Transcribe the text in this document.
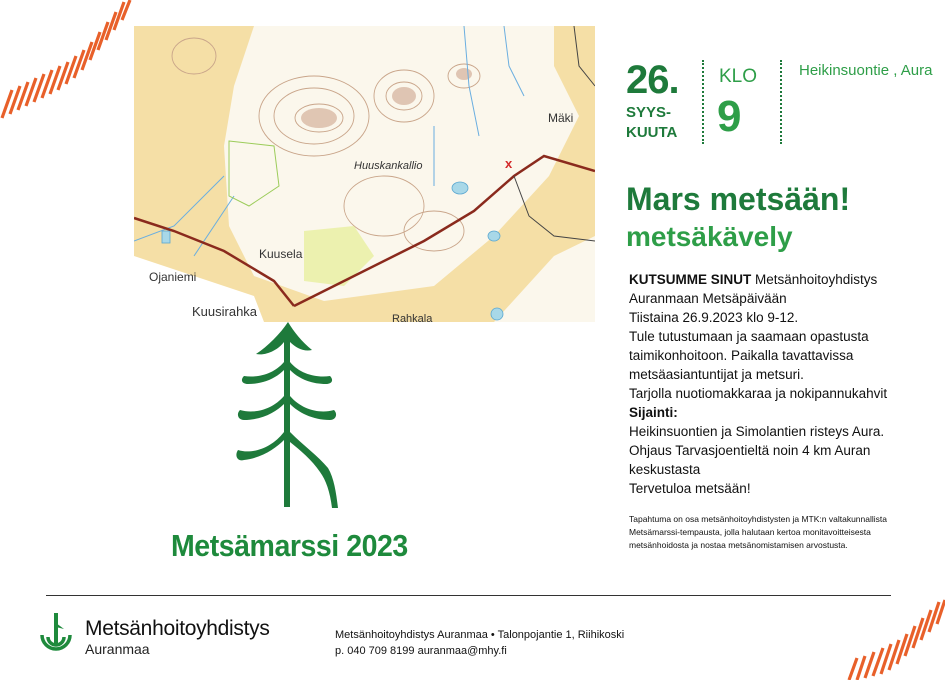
Mäki
Huuskankallio
Kuusela
Ojaniemi
Kuusirahka	Rahkala
x
26.
SYYS-
KUUTA
KLO
9
Heikinsuontie , Aura
Mars metsään!
metsäkävely

KUTSUMME SINUT Metsänhoitoyhdistys Auranmaan Metsäpäivään

Tiistaina 26.9.2023 klo 9-12.

Tule tutustumaan ja saamaan opastusta taimikonhoitoon. Paikalla tavattavissa metsäasiantuntijat ja metsuri.

Tarjolla nuotiomakkaraa ja nokipannukahvit

Sijainti:

Heikinsuontien ja Simolantien risteys Aura.

Ohjaus Tarvasjoentieltä noin 4 km Auran keskustasta

Tervetuloa metsään!

Tapahtuma on osa metsänhoitoyhdistysten ja MTK:n valtakunnallista Metsämarssi-tempausta, jolla halutaan kertoa monitavoitteisesta metsänhoidosta ja nostaa metsänomistamisen arvostusta.
Metsämarssi 2023
Metsänhoitoyhdistys
Auranmaa
Metsänhoitoyhdistys Auranmaa • Talonpojantie 1, Riihikoski
p. 040 709 8199 auranmaa@mhy.fi
